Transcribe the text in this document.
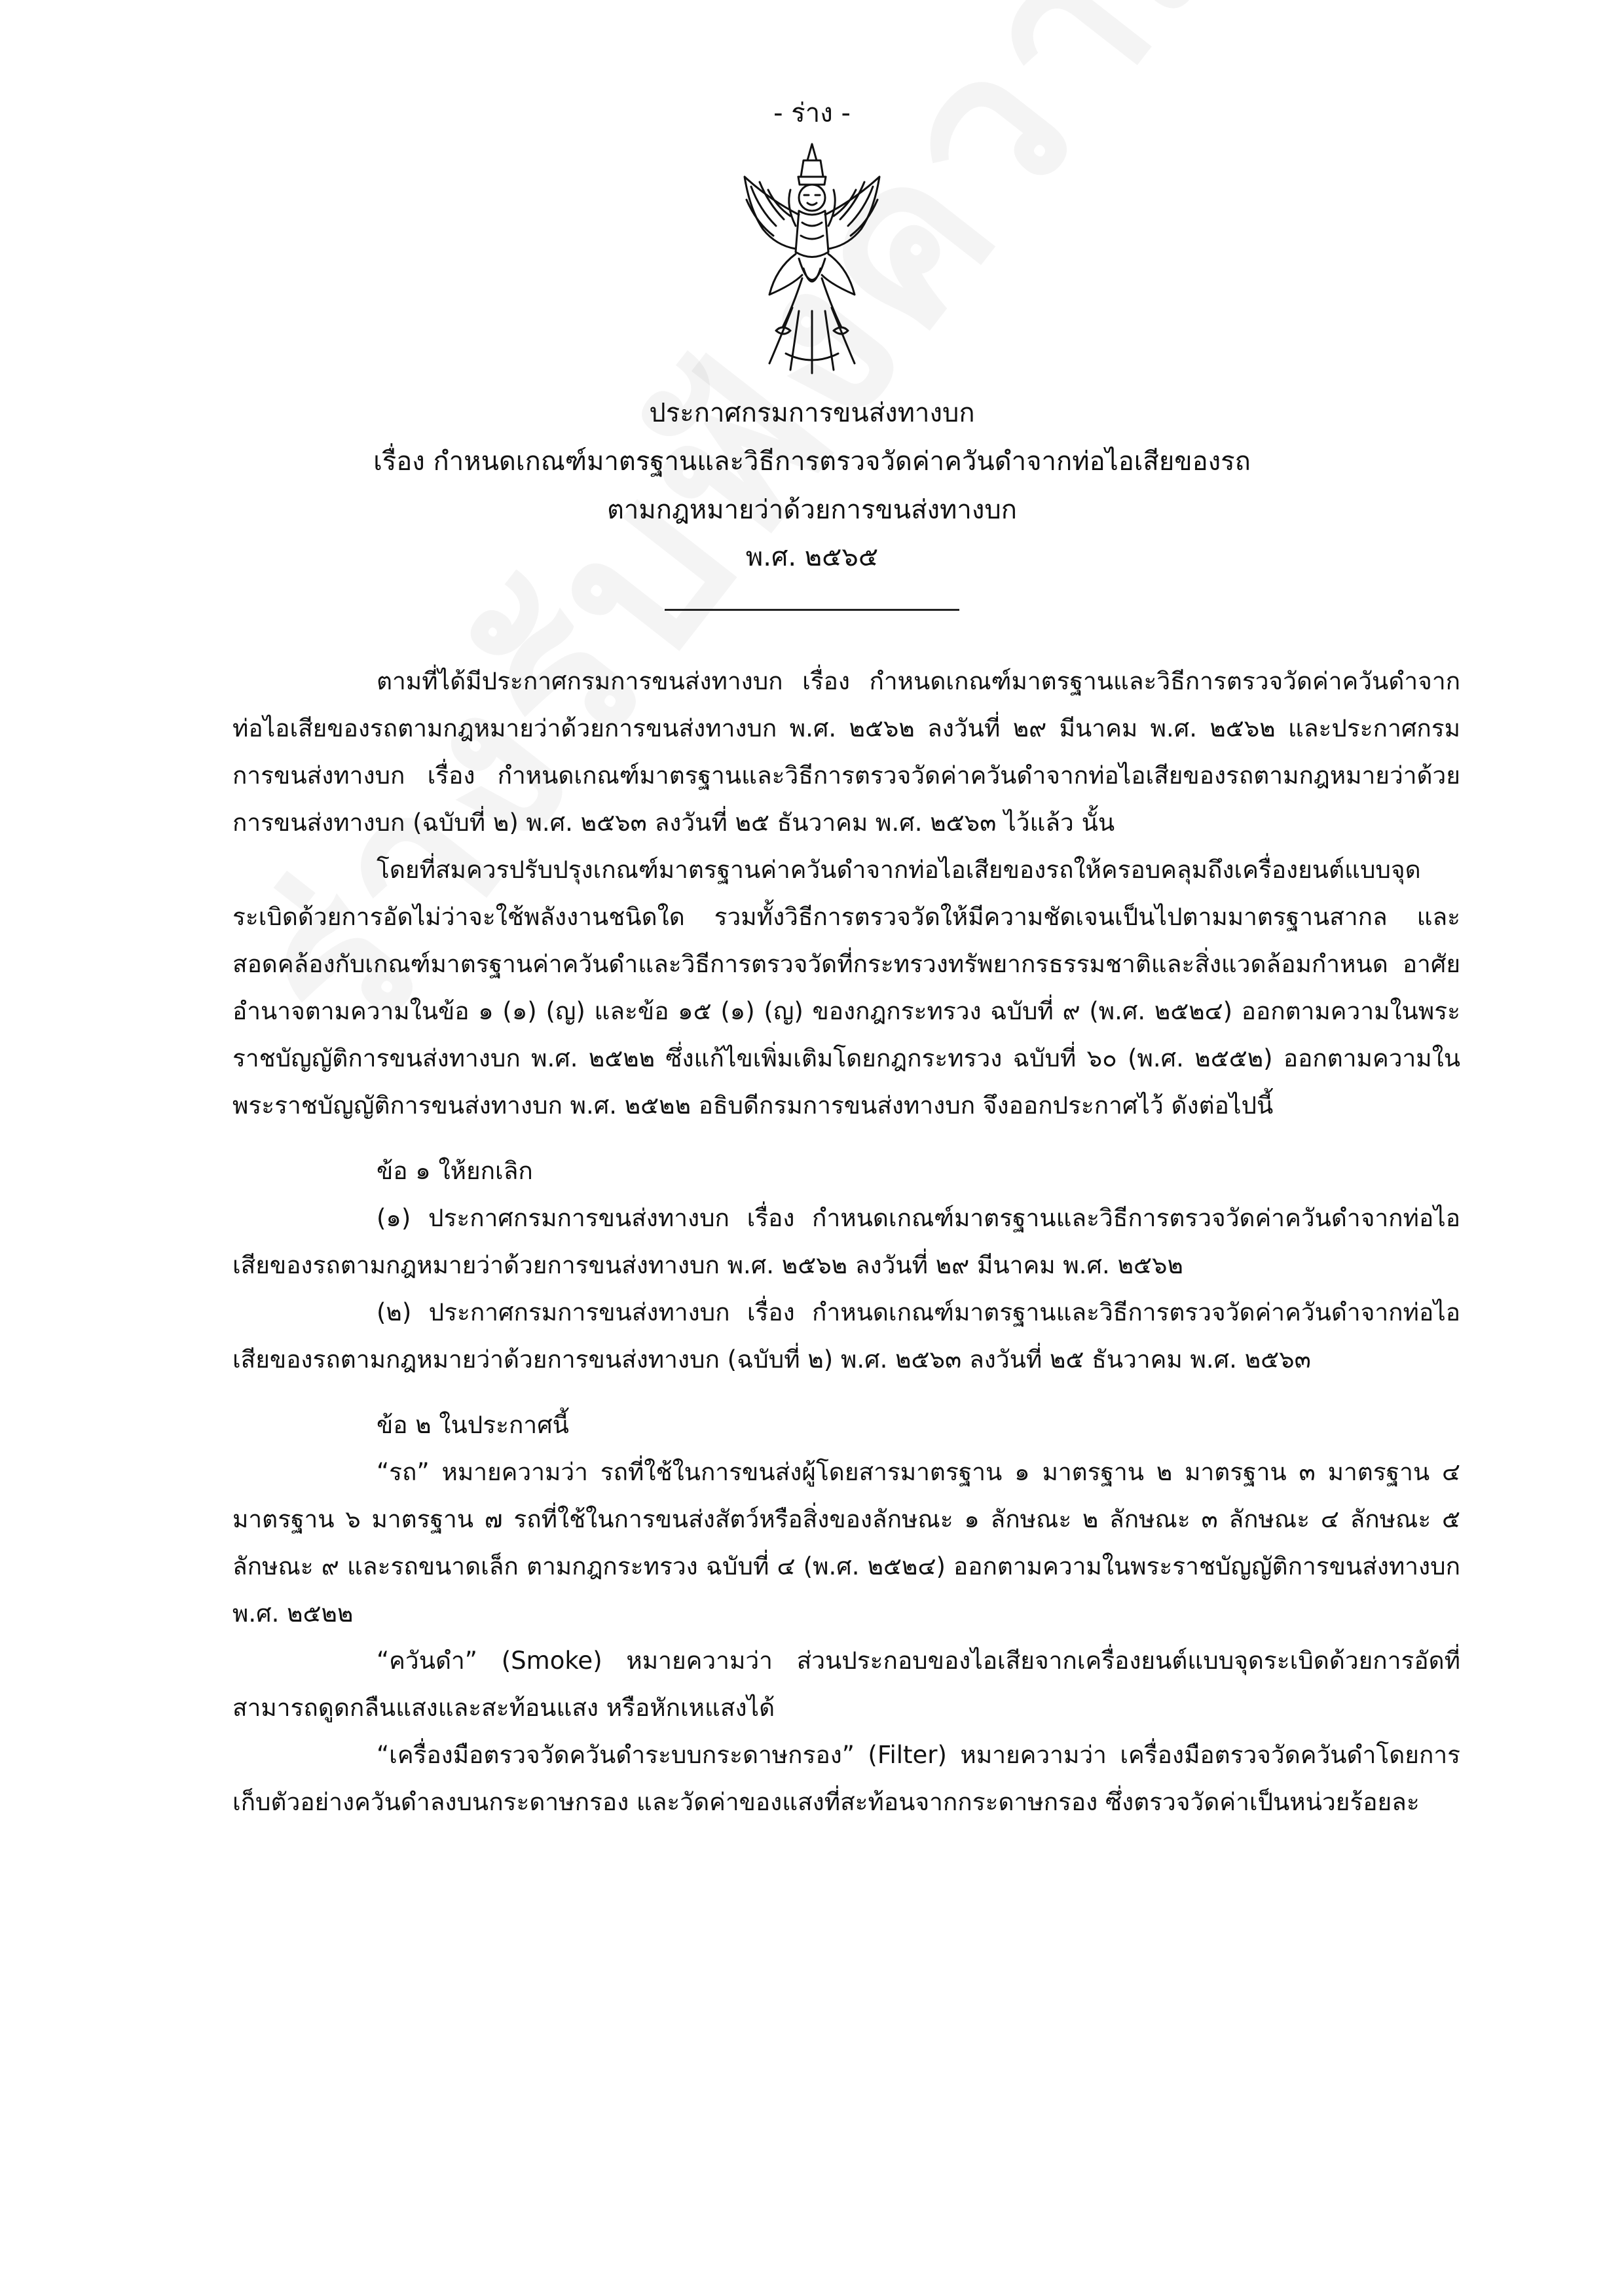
- ร่าง -
ประกาศกรมการขนส่งทางบก
เรื่อง กำหนดเกณฑ์มาตรฐานและวิธีการตรวจวัดค่าควันดำจากท่อไอเสียของรถ
ตามกฎหมายว่าด้วยการขนส่งทางบก
พ.ศ. ๒๕๖๕

ตามที่ได้มีประกาศกรมการขนส่งทางบก เรื่อง กำหนดเกณฑ์มาตรฐานและวิธีการตรวจวัดค่าควันดำจากท่อไอเสียของรถตามกฎหมายว่าด้วยการขนส่งทางบก พ.ศ. ๒๕๖๒ ลงวันที่ ๒๙ มีนาคม พ.ศ. ๒๕๖๒ และประกาศกรมการขนส่งทางบก เรื่อง กำหนดเกณฑ์มาตรฐานและวิธีการตรวจวัดค่าควันดำจากท่อไอเสียของรถตามกฎหมายว่าด้วยการขนส่งทางบก (ฉบับที่ ๒) พ.ศ. ๒๕๖๓ ลงวันที่ ๒๕ ธันวาคม พ.ศ. ๒๕๖๓ ไว้แล้ว นั้น

โดยที่สมควรปรับปรุงเกณฑ์มาตรฐานค่าควันดำจากท่อไอเสียของรถให้ครอบคลุมถึงเครื่องยนต์แบบจุดระเบิดด้วยการอัดไม่ว่าจะใช้พลังงานชนิดใด รวมทั้งวิธีการตรวจวัดให้มีความชัดเจนเป็นไปตามมาตรฐานสากล และสอดคล้องกับเกณฑ์มาตรฐานค่าควันดำและวิธีการตรวจวัดที่กระทรวงทรัพยากรธรรมชาติและสิ่งแวดล้อมกำหนด อาศัยอำนาจตามความในข้อ ๑ (๑) (ญ) และข้อ ๑๕ (๑) (ญ) ของกฎกระทรวง ฉบับที่ ๙ (พ.ศ. ๒๕๒๔) ออกตามความในพระราชบัญญัติการขนส่งทางบก พ.ศ. ๒๕๒๒ ซึ่งแก้ไขเพิ่มเติมโดยกฎกระทรวง ฉบับที่ ๖๐ (พ.ศ. ๒๕๕๒) ออกตามความในพระราชบัญญัติการขนส่งทางบก พ.ศ. ๒๕๒๒ อธิบดีกรมการขนส่งทางบก จึงออกประกาศไว้ ดังต่อไปนี้

ข้อ ๑ ให้ยกเลิก

(๑) ประกาศกรมการขนส่งทางบก เรื่อง กำหนดเกณฑ์มาตรฐานและวิธีการตรวจวัดค่าควันดำจากท่อไอเสียของรถตามกฎหมายว่าด้วยการขนส่งทางบก พ.ศ. ๒๕๖๒ ลงวันที่ ๒๙ มีนาคม พ.ศ. ๒๕๖๒

(๒) ประกาศกรมการขนส่งทางบก เรื่อง กำหนดเกณฑ์มาตรฐานและวิธีการตรวจวัดค่าควันดำจากท่อไอเสียของรถตามกฎหมายว่าด้วยการขนส่งทางบก (ฉบับที่ ๒) พ.ศ. ๒๕๖๓ ลงวันที่ ๒๕ ธันวาคม พ.ศ. ๒๕๖๓

ข้อ ๒ ในประกาศนี้

“รถ” หมายความว่า รถที่ใช้ในการขนส่งผู้โดยสารมาตรฐาน ๑ มาตรฐาน ๒ มาตรฐาน ๓ มาตรฐาน ๔ มาตรฐาน ๖ มาตรฐาน ๗ รถที่ใช้ในการขนส่งสัตว์หรือสิ่งของลักษณะ ๑ ลักษณะ ๒ ลักษณะ ๓ ลักษณะ ๔ ลักษณะ ๕ ลักษณะ ๙ และรถขนาดเล็ก ตามกฎกระทรวง ฉบับที่ ๔ (พ.ศ. ๒๕๒๔) ออกตามความในพระราชบัญญัติการขนส่งทางบก พ.ศ. ๒๕๒๒

“ควันดำ” (Smoke) หมายความว่า ส่วนประกอบของไอเสียจากเครื่องยนต์แบบจุดระเบิดด้วยการอัดที่สามารถดูดกลืนแสงและสะท้อนแสง หรือหักเหแสงได้

“เครื่องมือตรวจวัดควันดำระบบกระดาษกรอง” (Filter) หมายความว่า เครื่องมือตรวจวัดควันดำโดยการเก็บตัวอย่างควันดำลงบนกระดาษกรอง และวัดค่าของแสงที่สะท้อนจากกระดาษกรอง ซึ่งตรวจวัดค่าเป็นหน่วยร้อยละ
